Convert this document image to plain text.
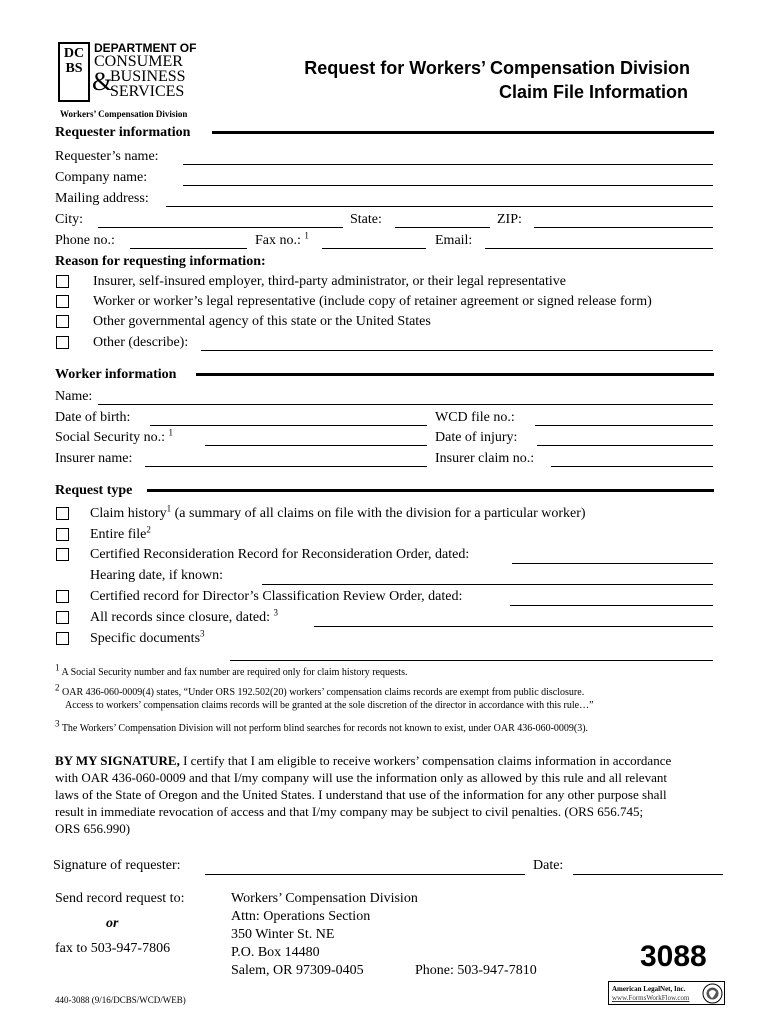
DCBS
DEPARTMENT OF
CONSUMER
BUSINESS
SERVICES
&
Workers’ Compensation Division
Request for Workers’ Compensation Division
Claim File Information
Requester information
Requester’s name:
Company name:
Mailing address:
City:	State:	ZIP:
Phone no.:	Fax no.: $^1$	Email:
Reason for requesting information:
Insurer, self-insured employer, third-party administrator, or their legal representative
Worker or worker’s legal representative (include copy of retainer agreement or signed release form)
Other governmental agency of this state or the United States
Other (describe):
Worker information
Name:
Date of birth:	WCD file no.:
Social Security no.: $^1$	Date of injury:
Insurer name:	Insurer claim no.:
Request type
Claim history$^1$ (a summary of all claims on file with the division for a particular worker)
Entire file$^2$
Certified Reconsideration Record for Reconsideration Order, dated:
Hearing date, if known:
Certified record for Director’s Classification Review Order, dated:
All records since closure, dated: $^3$
Specific documents$^3$
$^1$ A Social Security number and fax number are required only for claim history requests.
$^2$ OAR 436-060-0009(4) states, “Under ORS 192.502(20) workers’ compensation claims records are exempt from public disclosure.
Access to workers’ compensation claims records will be granted at the sole discretion of the director in accordance with this rule…”
$^3$ The Workers’ Compensation Division will not perform blind searches for records not known to exist, under OAR 436-060-0009(3).
BY MY SIGNATURE, I certify that I am eligible to receive workers’ compensation claims information in accordance
with OAR 436-060-0009 and that I/my company will use the information only as allowed by this rule and all relevant
laws of the State of Oregon and the United States. I understand that use of the information for any other purpose shall
result in immediate revocation of access and that I/my company may be subject to civil penalties. (ORS 656.745;
ORS 656.990)
Signature of requester:	Date:
Send record request to:
or
fax to 503-947-7806
Workers’ Compensation Division
Attn: Operations Section
350 Winter St. NE
P.O. Box 14480
Salem, OR 97309-0405	Phone: 503-947-7810	3088
440-3088 (9/16/DCBS/WCD/WEB)
American LegalNet, Inc.
www.FormsWorkFlow.com
